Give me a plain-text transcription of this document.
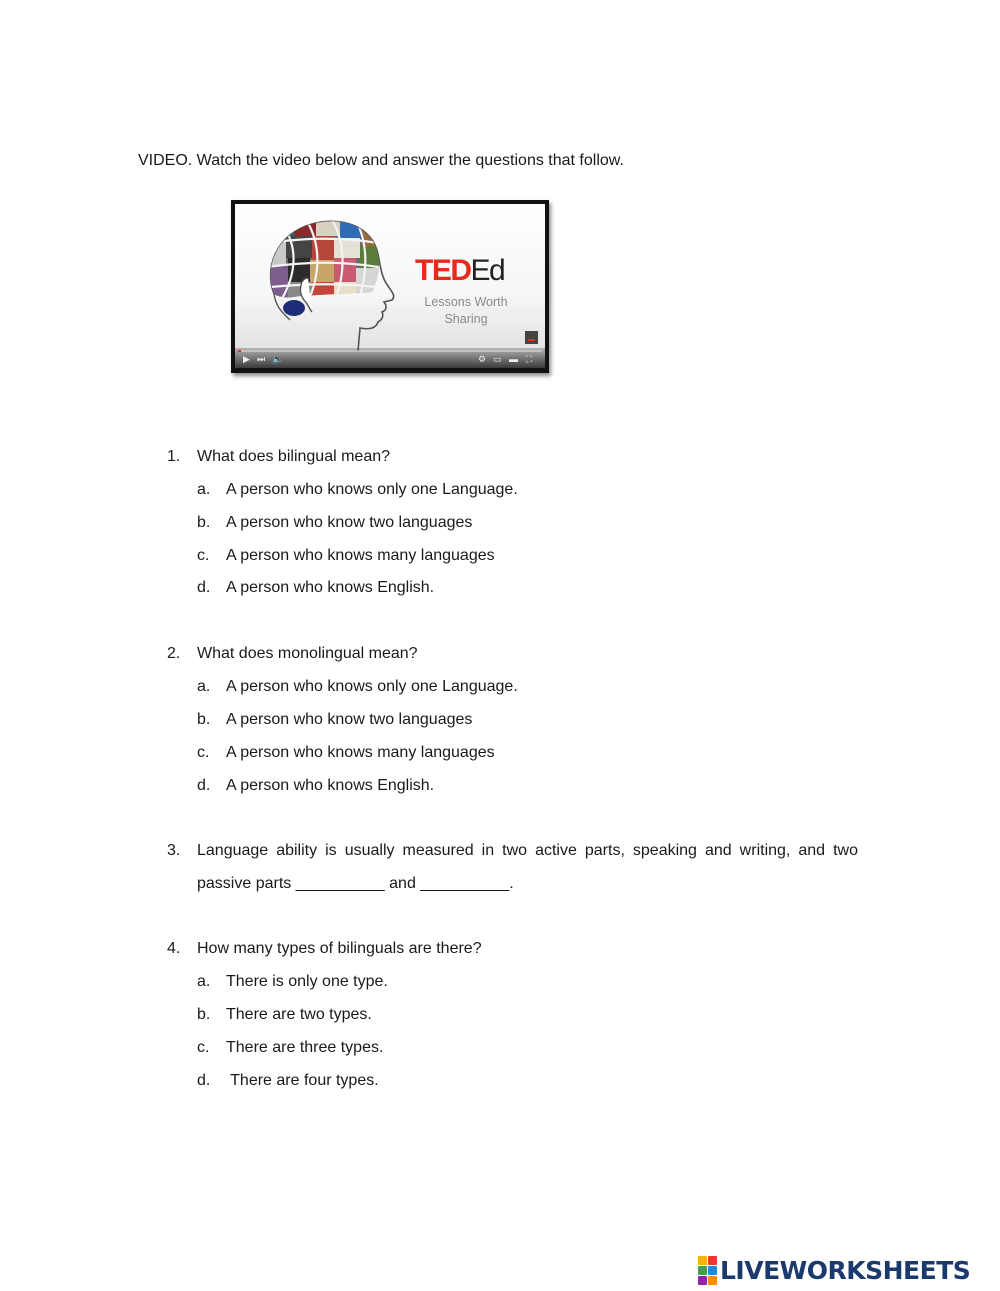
VIDEO. Watch the video below and answer the questions that follow.
TEDEd
Lessons Worth
Sharing
▶ ⏭ 🔈	⚙ ▭ ▬ ⛶
1. What does bilingual mean?
a. A person who knows only one Language.
b. A person who know two languages
c. A person who knows many languages
d. A person who knows English.
2. What does monolingual mean?
a. A person who knows only one Language.
b. A person who know two languages
c. A person who knows many languages
d. A person who knows English.
3. Language ability is usually measured in two active parts, speaking and writing, and two
passive parts __________ and __________.
4. How many types of bilinguals are there?
a. There is only one type.
b. There are two types.
c. There are three types.
d. There are four types.
LIVEWORKSHEETS
